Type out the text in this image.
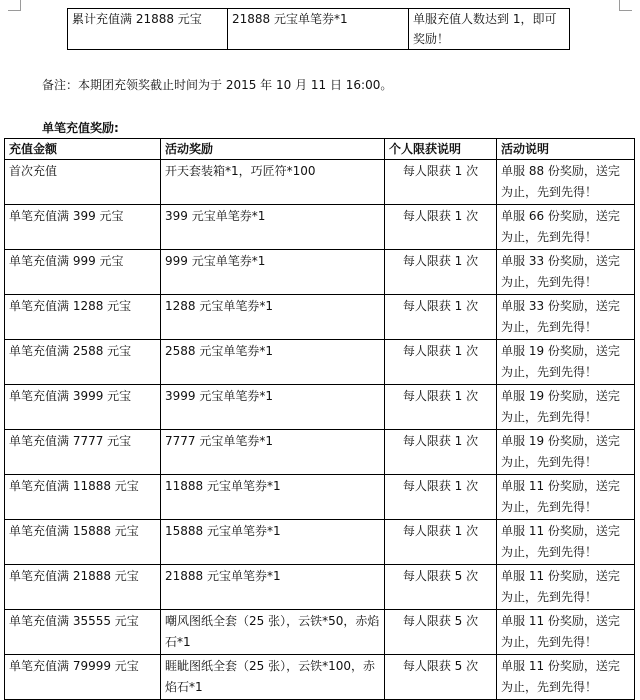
累计充值满 21888 元宝	21888 元宝单笔券*1	单服充值人数达到 1，即可奖励！
备注：本期团充领奖截止时间为于 2015 年 10 月 11 日 16:00。
单笔充值奖励:
充值金额	活动奖励	个人限获说明	活动说明
首次充值	开天套装箱*1，巧匠符*100	每人限获 1 次	单服 88 份奖励，送完为止，先到先得！
单笔充值满 399 元宝	399 元宝单笔券*1	每人限获 1 次	单服 66 份奖励，送完为止，先到先得！
单笔充值满 999 元宝	999 元宝单笔券*1	每人限获 1 次	单服 33 份奖励，送完为止，先到先得！
单笔充值满 1288 元宝	1288 元宝单笔券*1	每人限获 1 次	单服 33 份奖励，送完为止，先到先得！
单笔充值满 2588 元宝	2588 元宝单笔券*1	每人限获 1 次	单服 19 份奖励，送完为止，先到先得！
单笔充值满 3999 元宝	3999 元宝单笔券*1	每人限获 1 次	单服 19 份奖励，送完为止，先到先得！
单笔充值满 7777 元宝	7777 元宝单笔券*1	每人限获 1 次	单服 19 份奖励，送完为止，先到先得！
单笔充值满 11888 元宝	11888 元宝单笔券*1	每人限获 1 次	单服 11 份奖励，送完为止，先到先得！
单笔充值满 15888 元宝	15888 元宝单笔券*1	每人限获 1 次	单服 11 份奖励，送完为止，先到先得！
单笔充值满 21888 元宝	21888 元宝单笔券*1	每人限获 5 次	单服 11 份奖励，送完为止，先到先得！
单笔充值满 35555 元宝	嘲风图纸全套（25 张），云铁*50，赤焰石*1	每人限获 5 次	单服 11 份奖励，送完为止，先到先得！
单笔充值满 79999 元宝	睚眦图纸全套（25 张），云铁*100，赤焰石*1	每人限获 5 次	单服 11 份奖励，送完为止，先到先得！
